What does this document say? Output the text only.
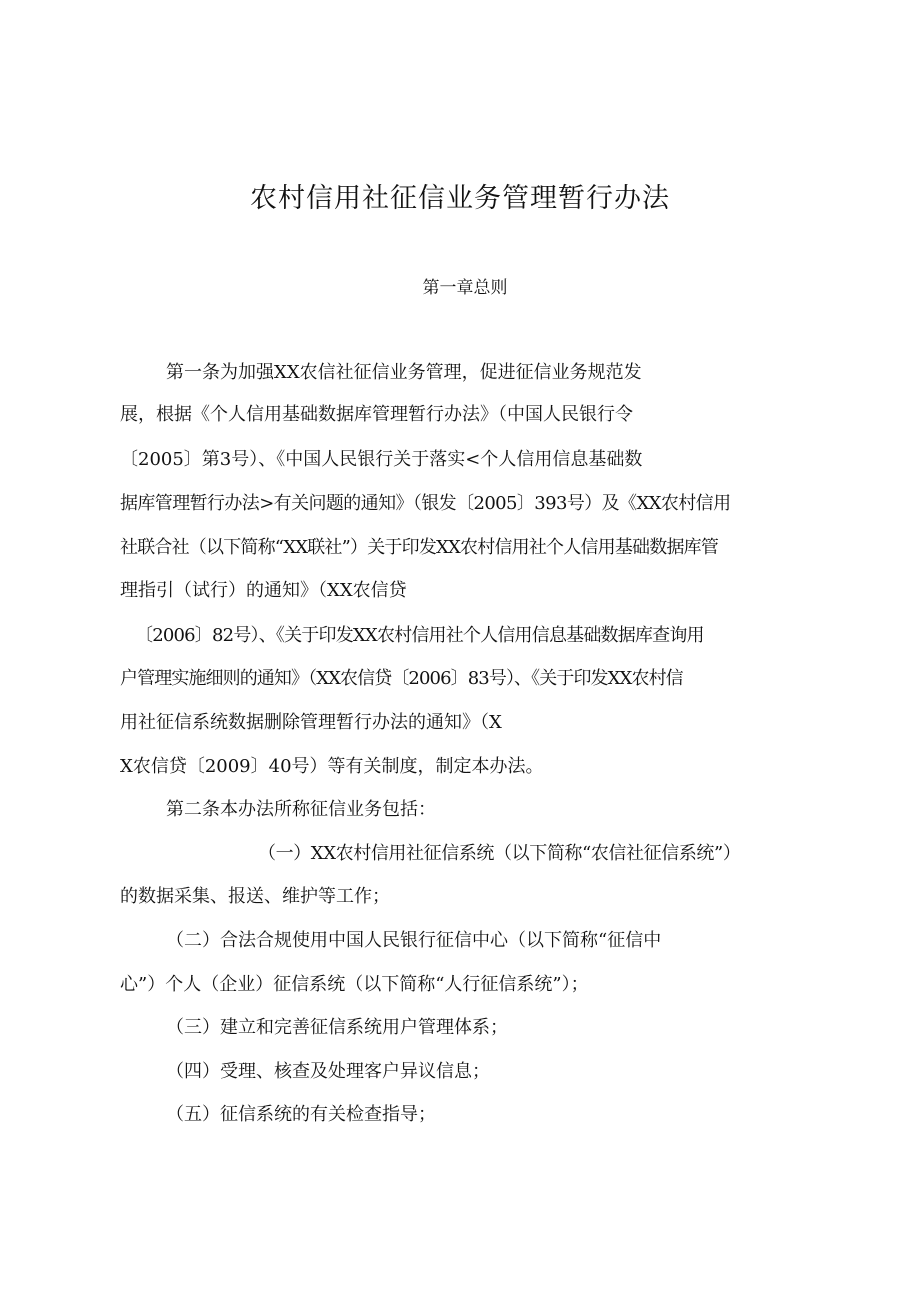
农村信用社征信业务管理暂行办法
第一章总则
第一条为加强XX农信社征信业务管理，促进征信业务规范发
展，根据《个人信用基础数据库管理暂行办法》（中国人民银行令
〔2005〕第3号）、《中国人民银行关于落实<个人信用信息基础数
据库管理暂行办法>有关问题的通知》（银发〔2005〕393号）及《XX农村信用
社联合社（以下简称“XX联社”）关于印发XX农村信用社个人信用基础数据库管
理指引（试行）的通知》（XX农信贷
〔2006〕82号）、《关于印发XX农村信用社个人信用信息基础数据库查询用
户管理实施细则的通知》（XX农信贷〔2006〕83号）、《关于印发XX农村信
用社征信系统数据删除管理暂行办法的通知》（X
X农信贷〔2009〕40号）等有关制度，制定本办法。
第二条本办法所称征信业务包括：
（一）XX农村信用社征信系统（以下简称“农信社征信系统”）
的数据采集、报送、维护等工作；
（二）合法合规使用中国人民银行征信中心（以下简称“征信中
心”）个人（企业）征信系统（以下简称“人行征信系统”）；
（三）建立和完善征信系统用户管理体系；
（四）受理、核查及处理客户异议信息；
（五）征信系统的有关检查指导；
